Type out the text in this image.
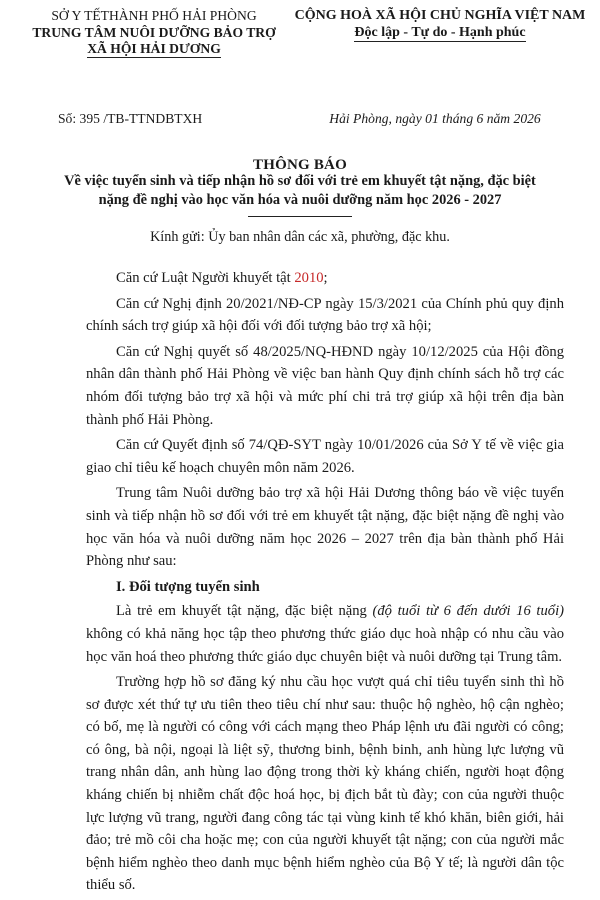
SỞ Y TẾTHÀNH PHỐ HẢI PHÒNG
TRUNG TÂM NUÔI DƯỠNG BẢO TRỢ
XÃ HỘI HẢI DƯƠNG
CỘNG HOÀ XÃ HỘI CHỦ NGHĨA VIỆT NAM
Độc lập - Tự do - Hạnh phúc
Số: 395 /TB-TTNDBTXH	Hải Phòng, ngày 01 tháng 6 năm 2026
THÔNG BÁO
Về việc tuyển sinh và tiếp nhận hồ sơ đối với trẻ em khuyết tật nặng, đặc biệt nặng đề nghị vào học văn hóa và nuôi dưỡng năm học 2026 - 2027
Kính gửi: Ủy ban nhân dân các xã, phường, đặc khu.

Căn cứ Luật Người khuyết tật 2010;

Căn cứ Nghị định 20/2021/NĐ-CP ngày 15/3/2021 của Chính phủ quy định chính sách trợ giúp xã hội đối với đối tượng bảo trợ xã hội;

Căn cứ Nghị quyết số 48/2025/NQ-HĐND ngày 10/12/2025 của Hội đồng nhân dân thành phố Hải Phòng về việc ban hành Quy định chính sách hỗ trợ các nhóm đối tượng bảo trợ xã hội và mức phí chi trả trợ giúp xã hội trên địa bàn thành phố Hải Phòng.

Căn cứ Quyết định số 74/QĐ-SYT ngày 10/01/2026 của Sở Y tế về việc gia giao chỉ tiêu kế hoạch chuyên môn năm 2026.

Trung tâm Nuôi dưỡng bảo trợ xã hội Hải Dương thông báo về việc tuyển sinh và tiếp nhận hồ sơ đối với trẻ em khuyết tật nặng, đặc biệt nặng đề nghị vào học văn hóa và nuôi dưỡng năm học 2026 – 2027 trên địa bàn thành phố Hải Phòng như sau:

I. Đối tượng tuyển sinh

Là trẻ em khuyết tật nặng, đặc biệt nặng (độ tuổi từ 6 đến dưới 16 tuổi) không có khả năng học tập theo phương thức giáo dục hoà nhập có nhu cầu vào học văn hoá theo phương thức giáo dục chuyên biệt và nuôi dưỡng tại Trung tâm.

Trường hợp hồ sơ đăng ký nhu cầu học vượt quá chỉ tiêu tuyển sinh thì hồ sơ được xét thứ tự ưu tiên theo tiêu chí như sau: thuộc hộ nghèo, hộ cận nghèo; có bố, mẹ là người có công với cách mạng theo Pháp lệnh ưu đãi người có công; có ông, bà nội, ngoại là liệt sỹ, thương binh, bệnh binh, anh hùng lực lượng vũ trang nhân dân, anh hùng lao động trong thời kỳ kháng chiến, người hoạt động kháng chiến bị nhiễm chất độc hoá học, bị địch bắt tù đày; con của người thuộc lực lượng vũ trang, người đang công tác tại vùng kinh tế khó khăn, biên giới, hải đảo; trẻ mồ côi cha hoặc mẹ; con của người khuyết tật nặng; con của người mắc bệnh hiểm nghèo theo danh mục bệnh hiểm nghèo của Bộ Y tế; là người dân tộc thiểu số.
